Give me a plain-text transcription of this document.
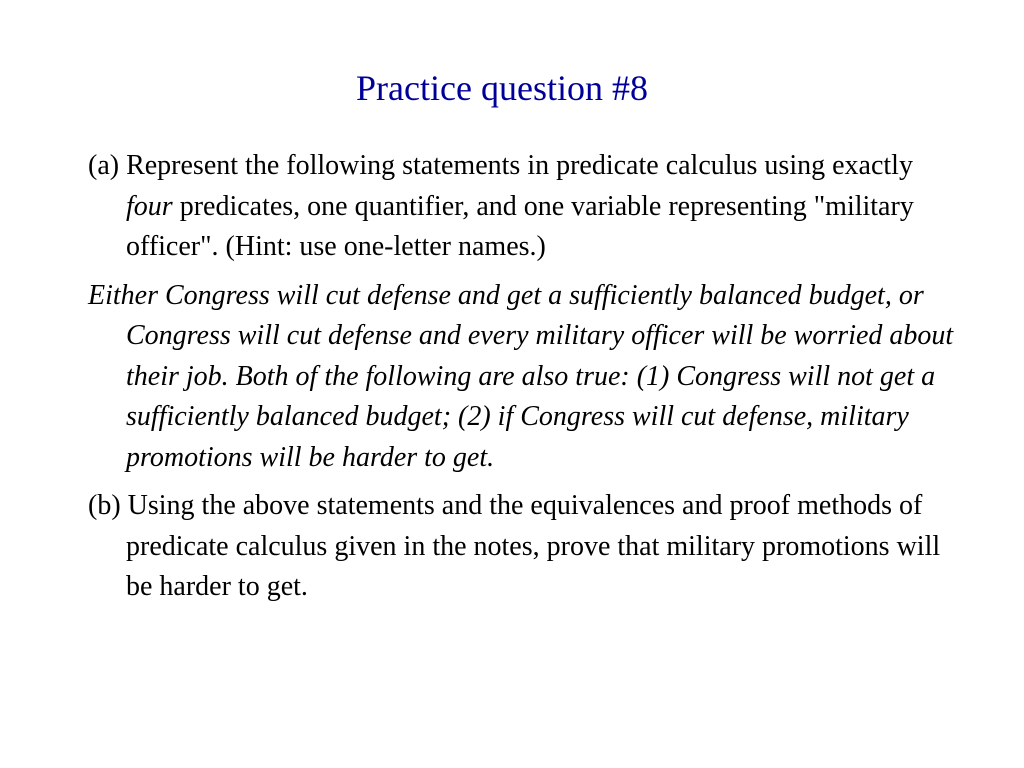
Practice question #8

(a) Represent the following statements in predicate calculus using exactly four predicates, one quantifier, and one variable representing "military officer". (Hint: use one-letter names.)

Either Congress will cut defense and get a sufficiently balanced budget, or Congress will cut defense and every military officer will be worried about their job. Both of the following are also true: (1) Congress will not get a sufficiently balanced budget; (2) if Congress will cut defense, military promotions will be harder to get.

(b) Using the above statements and the equivalences and proof methods of predicate calculus given in the notes, prove that military promotions will be harder to get.
